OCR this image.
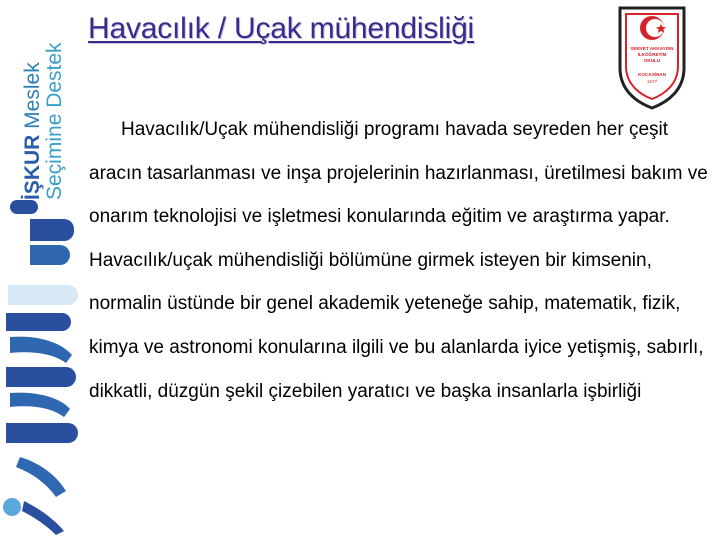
İŞKUR Meslek Seçimine Destek
Havacılık / Uçak mühendisliği
SERVET AKKAYDIN
İLKÖĞRETİM
OKULU
KOCASİNAN
1977

Havacılık/Uçak mühendisliği programı havada seyreden her çeşit aracın tasarlanması ve inşa projelerinin hazırlanması, üretilmesi bakım ve onarım teknolojisi ve işletmesi konularında eğitim ve araştırma yapar.

Havacılık/uçak mühendisliği bölümüne girmek isteyen bir kimsenin, normalin üstünde bir genel akademik yeteneğe sahip, matematik, fizik, kimya ve astronomi konularına ilgili ve bu alanlarda iyice yetişmiş, sabırlı, dikkatli, düzgün şekil çizebilen yaratıcı ve başka insanlarla işbirliği
